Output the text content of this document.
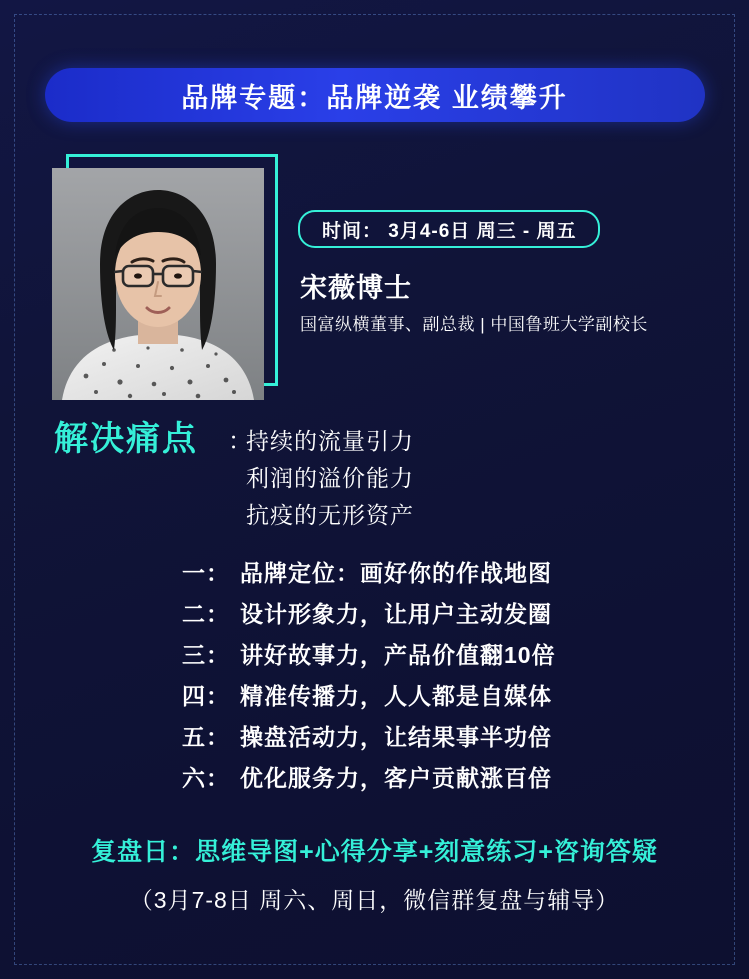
品牌专题：品牌逆袭 业绩攀升
时间： 3月4-6日 周三 - 周五
宋薇博士
国富纵横董事、副总裁 | 中国鲁班大学副校长
解决痛点 ：
持续的流量引力
利润的溢价能力
抗疫的无形资产
一： 品牌定位：画好你的作战地图
二： 设计形象力，让用户主动发圈
三： 讲好故事力，产品价值翻10倍
四： 精准传播力，人人都是自媒体
五： 操盘活动力，让结果事半功倍
六： 优化服务力，客户贡献涨百倍
复盘日：思维导图+心得分享+刻意练习+咨询答疑
（3月7-8日 周六、周日，微信群复盘与辅导）
